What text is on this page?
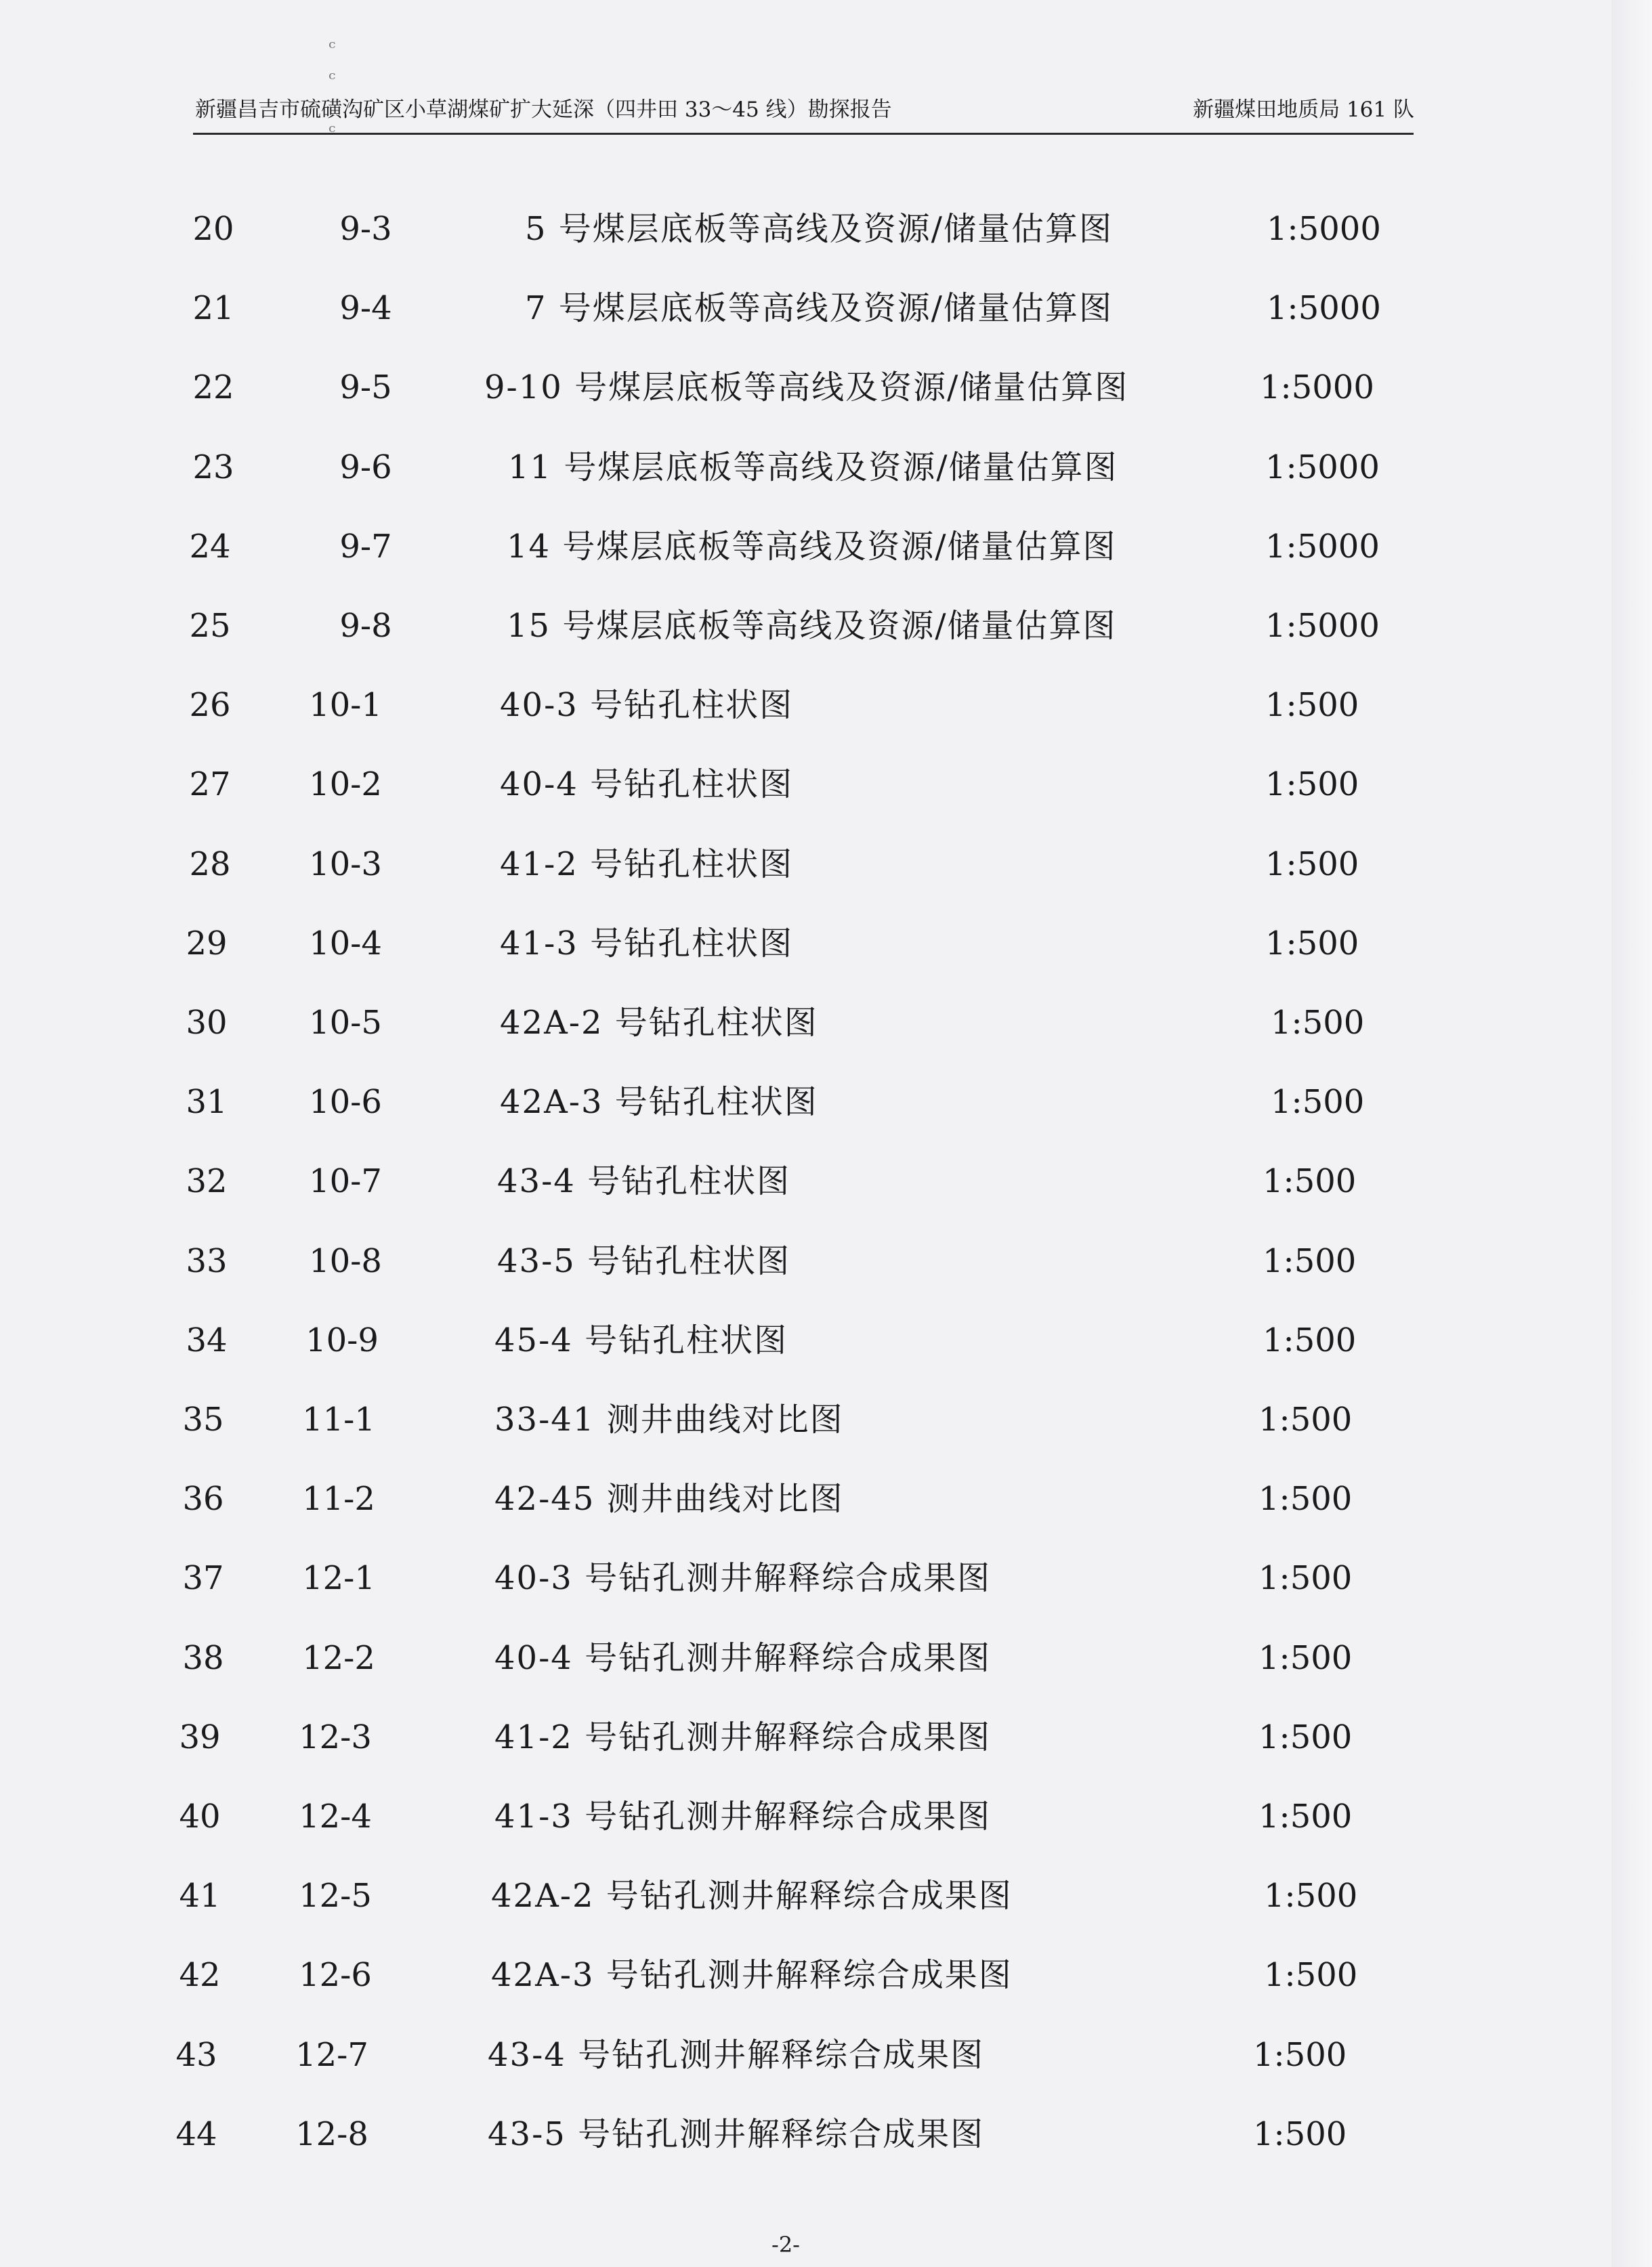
新疆昌吉市硫磺沟矿区小草湖煤矿扩大延深（四井田 33～45 线）勘探报告	新疆煤田地质局 161 队
ᶜ
ᶜ
ᶜ
20	9-3	5 号煤层底板等高线及资源/储量估算图	1:5000
21	9-4	7 号煤层底板等高线及资源/储量估算图	1:5000
22	9-5	9-10 号煤层底板等高线及资源/储量估算图	1:5000
23	9-6	11 号煤层底板等高线及资源/储量估算图	1:5000
24	9-7	14 号煤层底板等高线及资源/储量估算图	1:5000
25	9-8	15 号煤层底板等高线及资源/储量估算图	1:5000
26	10-1	40-3 号钻孔柱状图	1:500
27	10-2	40-4 号钻孔柱状图	1:500
28	10-3	41-2 号钻孔柱状图	1:500
29	10-4	41-3 号钻孔柱状图	1:500
30	10-5	42A-2 号钻孔柱状图	1:500
31	10-6	42A-3 号钻孔柱状图	1:500
32	10-7	43-4 号钻孔柱状图	1:500
33	10-8	43-5 号钻孔柱状图	1:500
34	10-9	45-4 号钻孔柱状图	1:500
35	11-1	33-41 测井曲线对比图	1:500
36	11-2	42-45 测井曲线对比图	1:500
37	12-1	40-3 号钻孔测井解释综合成果图	1:500
38	12-2	40-4 号钻孔测井解释综合成果图	1:500
39	12-3	41-2 号钻孔测井解释综合成果图	1:500
40	12-4	41-3 号钻孔测井解释综合成果图	1:500
41	12-5	42A-2 号钻孔测井解释综合成果图	1:500
42	12-6	42A-3 号钻孔测井解释综合成果图	1:500
43	12-7	43-4 号钻孔测井解释综合成果图	1:500
44	12-8	43-5 号钻孔测井解释综合成果图	1:500
-2-
